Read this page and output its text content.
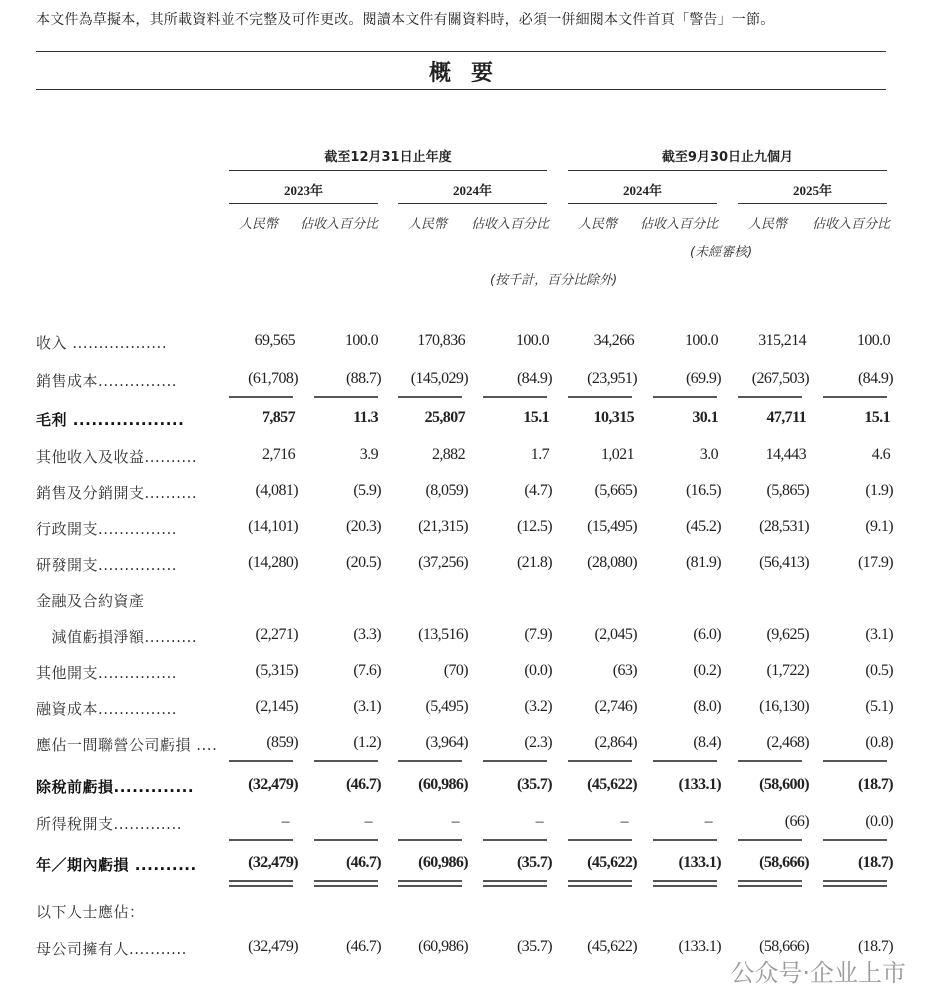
本文件為草擬本，其所載資料並不完整及可作更改。閱讀本文件有關資料時，必須一併細閱本文件首頁「警告」一節。
概要
截至12月31日止年度	截至9月30日止九個月
2023年	2024年	2024年	2025年
人民幣 佔收入百分比 人民幣 佔收入百分比 人民幣 佔收入百分比 人民幣 佔收入百分比
(未經審核)
(按千計，百分比除外)
收入 ..................	69,565	100.0 170,836	100.0	34,266	100.0	315,214	100.0
銷售成本...............	(61,708)	(88.7) (145,029)	(84.9) (23,951)	(69.9) (267,503)	(84.9)
毛利 ..................	7,857	11.3	25,807	15.1	10,315	30.1	47,711	15.1
其他收入及收益..........	2,716	3.9	2,882	1.7	1,021	3.0	14,443	4.6
銷售及分銷開支..........	(4,081)	(5.9)	(8,059)	(4.7)	(5,665)	(16.5)	(5,865)	(1.9)
行政開支...............	(14,101)	(20.3) (21,315)	(12.5) (15,495)	(45.2) (28,531)	(9.1)
研發開支...............	(14,280)	(20.5) (37,256)	(21.8) (28,080)	(81.9) (56,413)	(17.9)
金融及合約資產
　減值虧損淨額..........	(2,271)	(3.3) (13,516)	(7.9)	(2,045)	(6.0)	(9,625)	(3.1)
其他開支...............	(5,315)	(7.6)	(70)	(0.0)	(63)	(0.2)	(1,722)	(0.5)
融資成本...............	(2,145)	(3.1)	(5,495)	(3.2)	(2,746)	(8.0) (16,130)	(5.1)
應佔一間聯營公司虧損 ....	(859)	(1.2)	(3,964)	(2.3)	(2,864)	(8.4)	(2,468)	(0.8)
除稅前虧損.............	(32,479)	(46.7) (60,986)	(35.7) (45,622)	(133.1) (58,600)	(18.7)
所得稅開支.............	–	–	–	–	–	–	(66)	(0.0)
年／期內虧損 ..........	(32,479)	(46.7) (60,986)	(35.7) (45,622)	(133.1) (58,666)	(18.7)
以下人士應佔：
母公司擁有人...........	(32,479)	(46.7) (60,986)	(35.7) (45,622)	(133.1) (58,666)	(18.7)
公众号·企业上市
